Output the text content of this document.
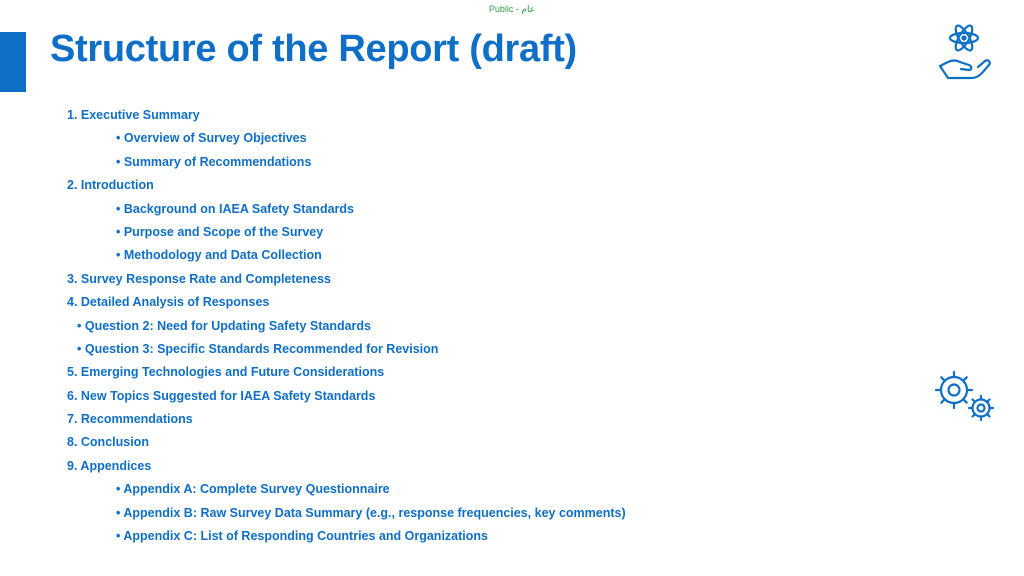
Public - عام
Structure of the Report (draft)
1. Executive Summary
• Overview of Survey Objectives
• Summary of Recommendations
2. Introduction
• Background on IAEA Safety Standards
• Purpose and Scope of the Survey
• Methodology and Data Collection
3. Survey Response Rate and Completeness
4. Detailed Analysis of Responses
• Question 2: Need for Updating Safety Standards
• Question 3: Specific Standards Recommended for Revision
5. Emerging Technologies and Future Considerations
6. New Topics Suggested for IAEA Safety Standards
7. Recommendations
8. Conclusion
9. Appendices
• Appendix A: Complete Survey Questionnaire
• Appendix B: Raw Survey Data Summary (e.g., response frequencies, key comments)
• Appendix C: List of Responding Countries and Organizations
